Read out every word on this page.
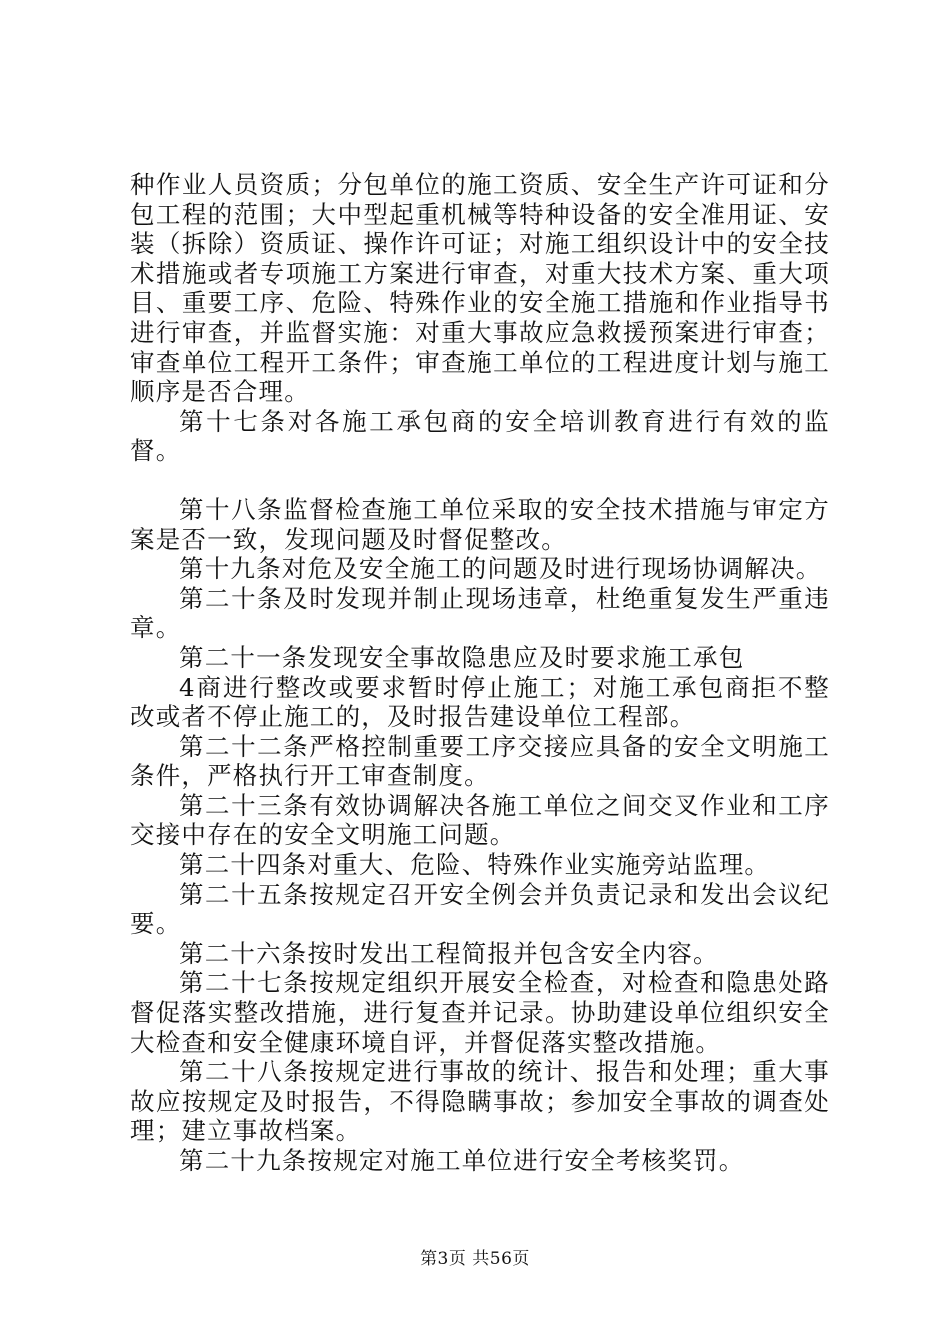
种作业人员资质；分包单位的施工资质、安全生产许可证和分包工程的范围；大中型起重机械等特种设备的安全准用证、安装（拆除）资质证、操作许可证；对施工组织设计中的安全技术措施或者专项施工方案进行审查，对重大技术方案、重大项目、重要工序、危险、特殊作业的安全施工措施和作业指导书进行审查，并监督实施：对重大事故应急救援预案进行审查；审查单位工程开工条件；审查施工单位的工程进度计划与施工顺序是否合理。

第十七条对各施工承包商的安全培训教育进行有效的监督。

第十八条监督检查施工单位采取的安全技术措施与审定方案是否一致，发现问题及时督促整改。

第十九条对危及安全施工的问题及时进行现场协调解决。

第二十条及时发现并制止现场违章，杜绝重复发生严重违章。

第二十一条发现安全事故隐患应及时要求施工承包

4商进行整改或要求暂时停止施工；对施工承包商拒不整改或者不停止施工的，及时报告建设单位工程部。

第二十二条严格控制重要工序交接应具备的安全文明施工条件，严格执行开工审查制度。

第二十三条有效协调解决各施工单位之间交叉作业和工序交接中存在的安全文明施工问题。

第二十四条对重大、危险、特殊作业实施旁站监理。

第二十五条按规定召开安全例会并负责记录和发出会议纪要。

第二十六条按时发出工程简报并包含安全内容。

第二十七条按规定组织开展安全检查，对检查和隐患处路督促落实整改措施，进行复查并记录。协助建设单位组织安全大检查和安全健康环境自评，并督促落实整改措施。

第二十八条按规定进行事故的统计、报告和处理；重大事故应按规定及时报告，不得隐瞒事故；参加安全事故的调查处理；建立事故档案。

第二十九条按规定对施工单位进行安全考核奖罚。

第3页 共56页
